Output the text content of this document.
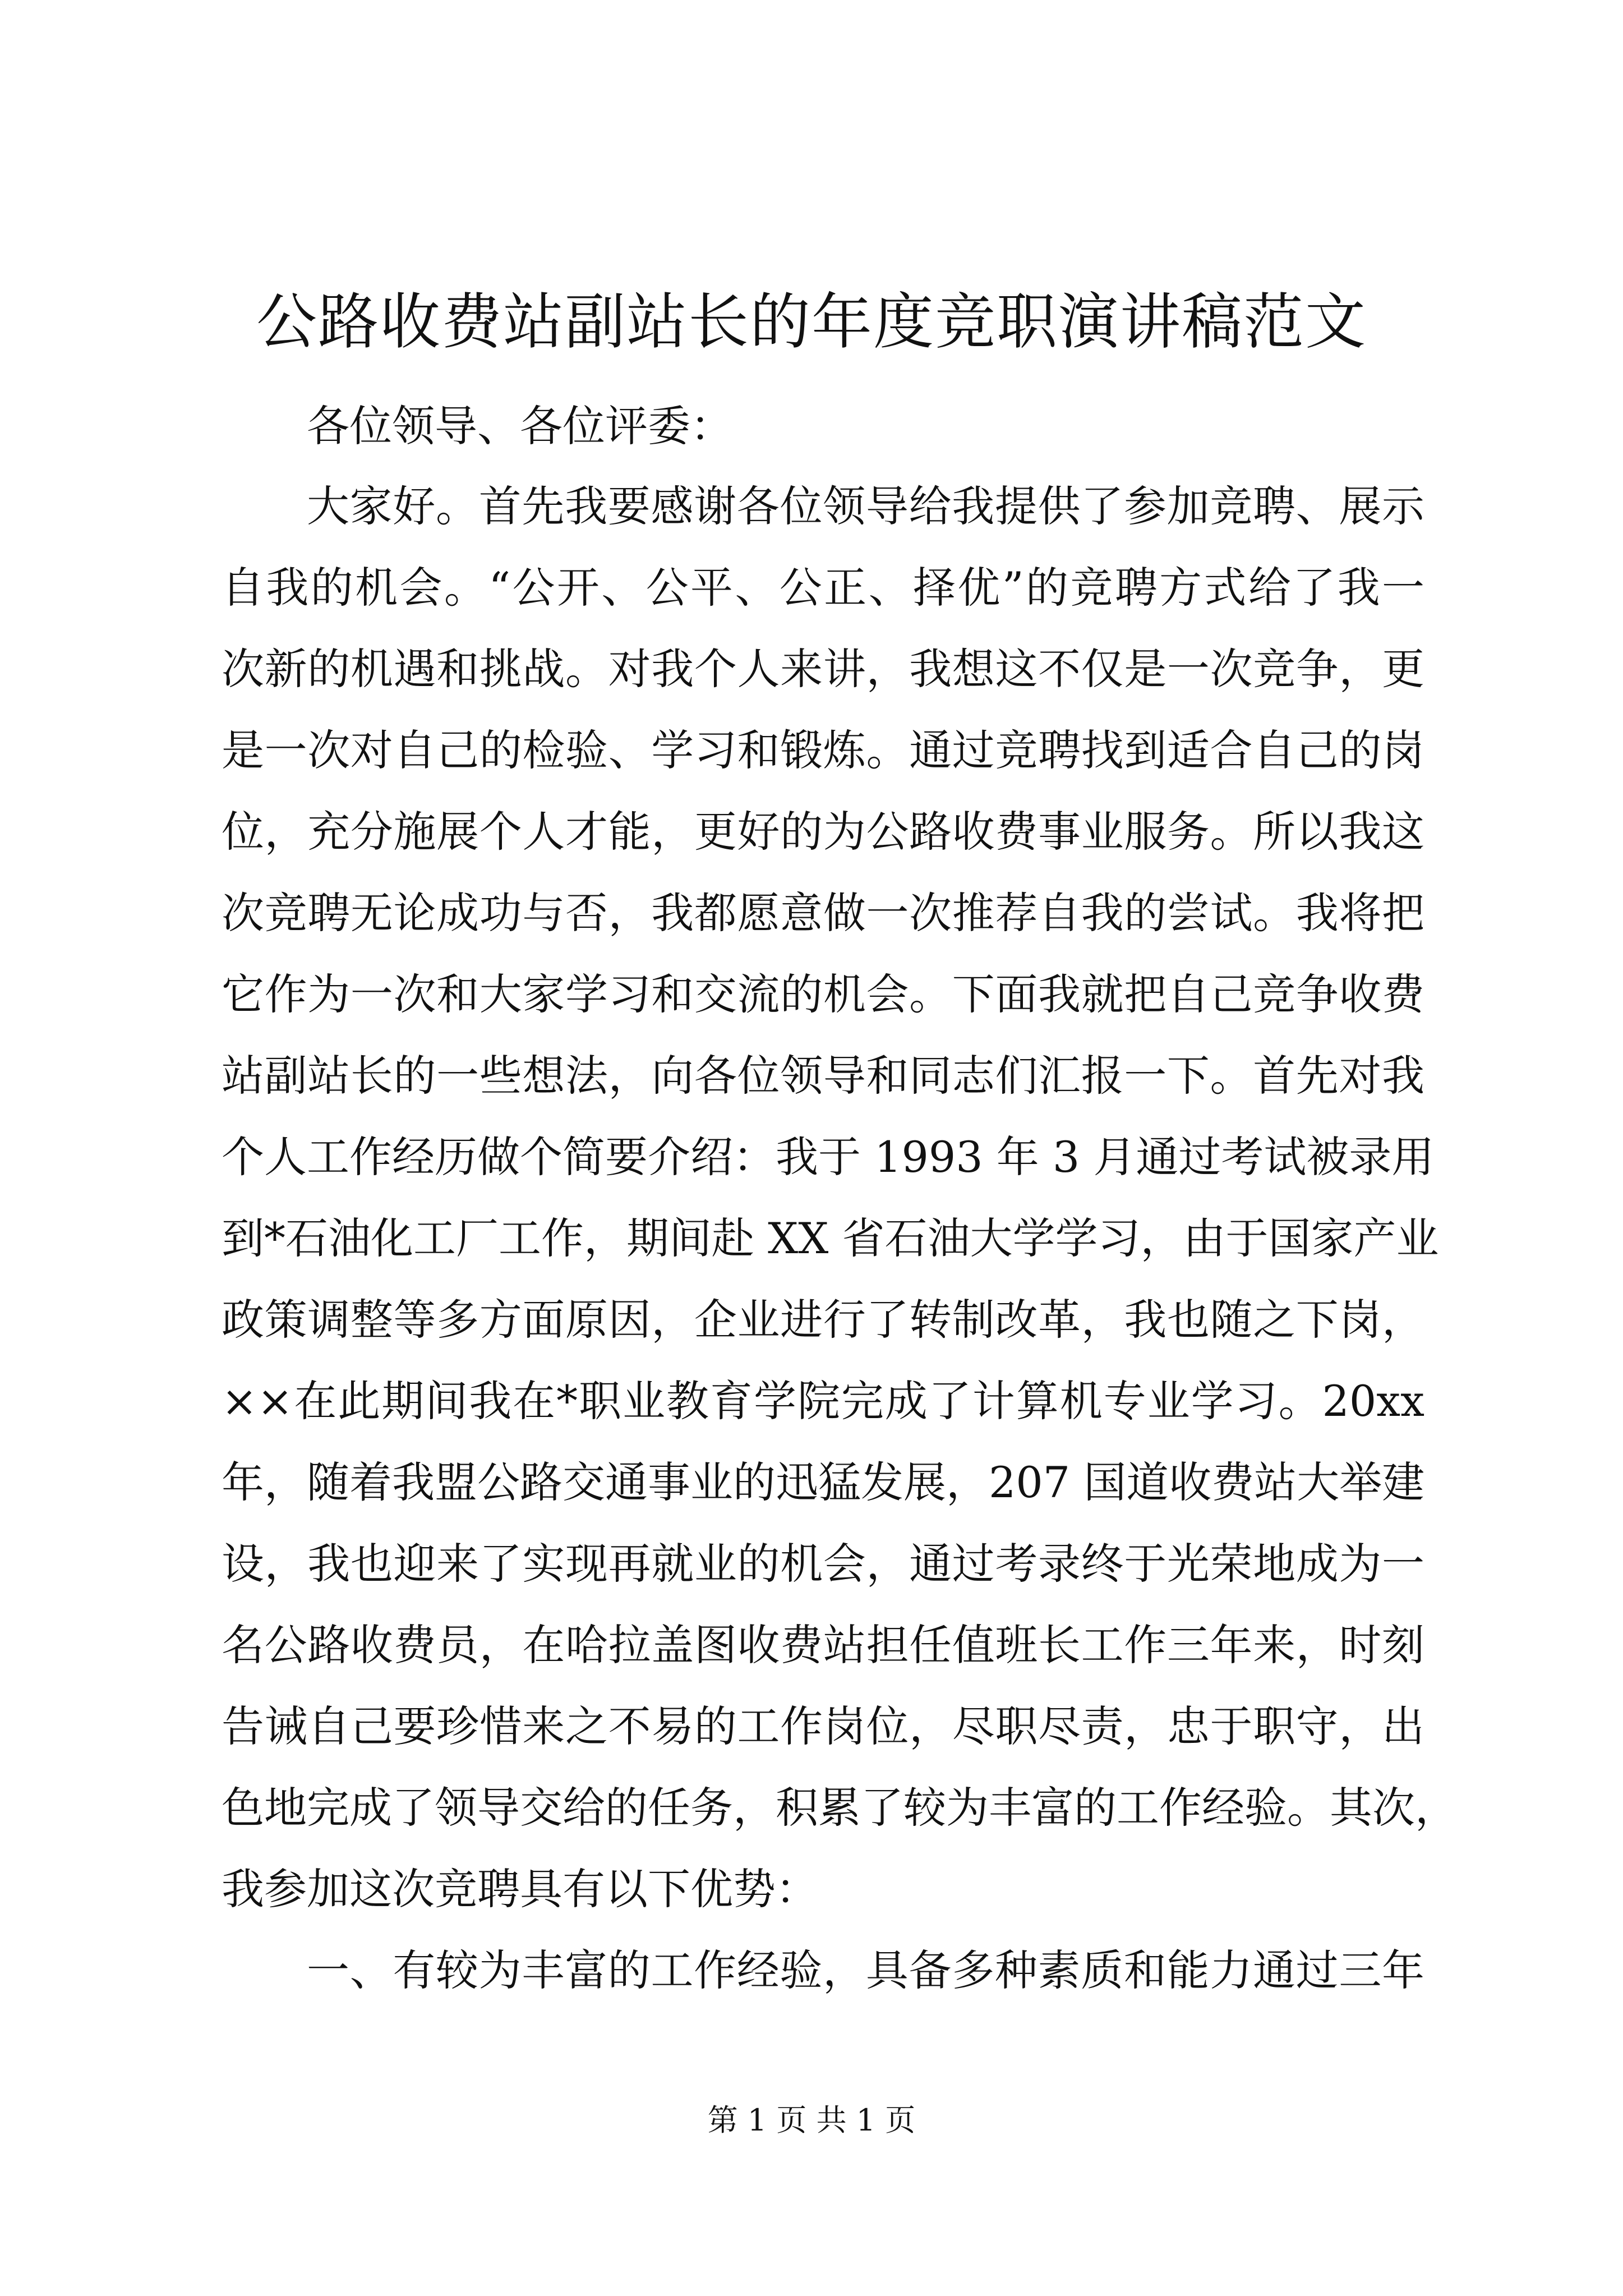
公路收费站副站长的年度竞职演讲稿范文
各位领导、各位评委：
大家好。首先我要感谢各位领导给我提供了参加竞聘、展示
自我的机会。“公开、公平、公正、择优”的竞聘方式给了我一
次新的机遇和挑战。对我个人来讲，我想这不仅是一次竞争，更
是一次对自己的检验、学习和锻炼。通过竞聘找到适合自己的岗
位，充分施展个人才能，更好的为公路收费事业服务。所以我这
次竞聘无论成功与否，我都愿意做一次推荐自我的尝试。我将把
它作为一次和大家学习和交流的机会。下面我就把自己竞争收费
站副站长的一些想法，向各位领导和同志们汇报一下。首先对我
个人工作经历做个简要介绍：我于 1993 年 3 月通过考试被录用
到*石油化工厂工作，期间赴 XX 省石油大学学习，由于国家产业
政策调整等多方面原因，企业进行了转制改革，我也随之下岗，
××在此期间我在*职业教育学院完成了计算机专业学习。20xx
年，随着我盟公路交通事业的迅猛发展，207 国道收费站大举建
设，我也迎来了实现再就业的机会，通过考录终于光荣地成为一
名公路收费员，在哈拉盖图收费站担任值班长工作三年来，时刻
告诫自己要珍惜来之不易的工作岗位，尽职尽责，忠于职守，出
色地完成了领导交给的任务，积累了较为丰富的工作经验。其次，
我参加这次竞聘具有以下优势：
一、有较为丰富的工作经验，具备多种素质和能力通过三年
第 1 页 共 1 页
